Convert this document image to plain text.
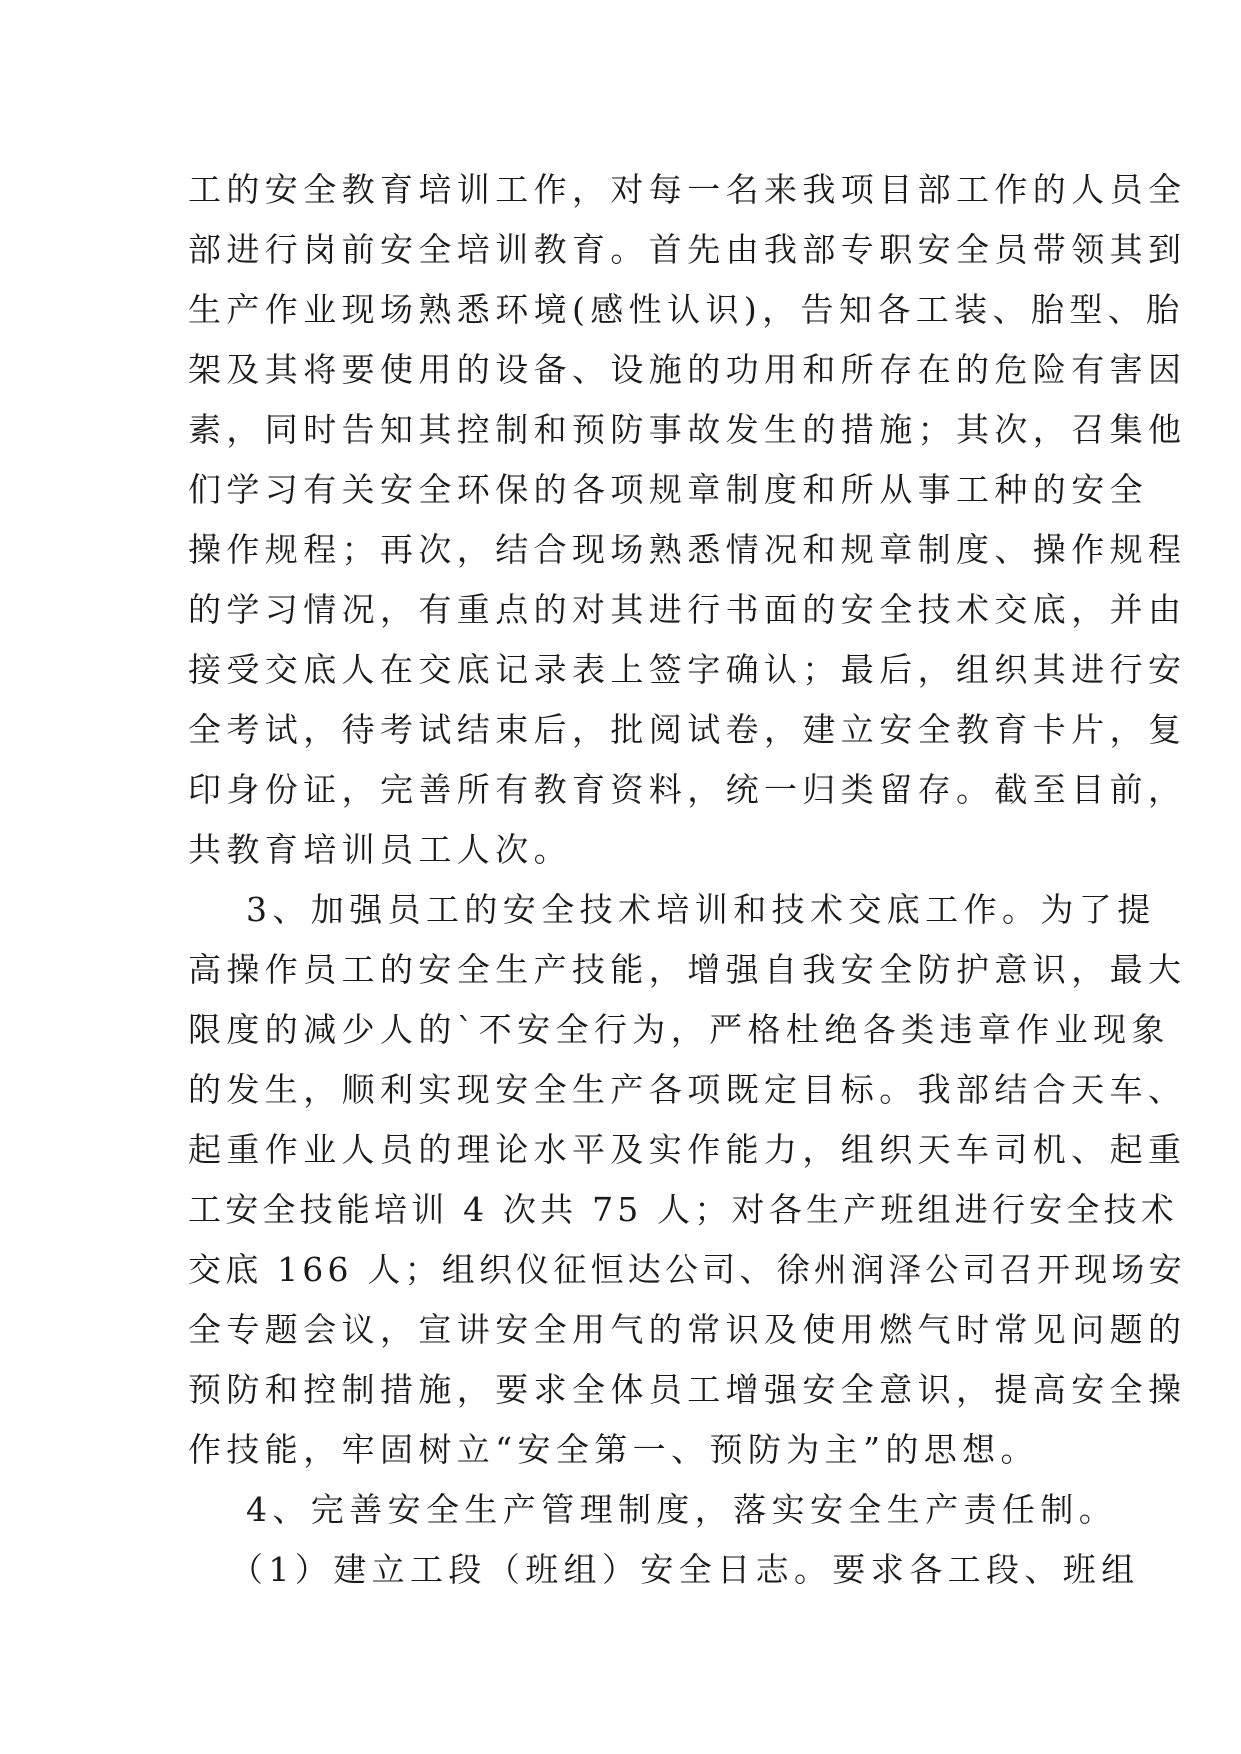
工的安全教育培训工作，对每一名来我项目部工作的人员全
部进行岗前安全培训教育。首先由我部专职安全员带领其到
生产作业现场熟悉环境(感性认识)，告知各工装、胎型、胎
架及其将要使用的设备、设施的功用和所存在的危险有害因
素，同时告知其控制和预防事故发生的措施；其次，召集他
们学习有关安全环保的各项规章制度和所从事工种的安全
操作规程；再次，结合现场熟悉情况和规章制度、操作规程
的学习情况，有重点的对其进行书面的安全技术交底，并由
接受交底人在交底记录表上签字确认；最后，组织其进行安
全考试，待考试结束后，批阅试卷，建立安全教育卡片，复
印身份证，完善所有教育资料，统一归类留存。截至目前，
共教育培训员工人次。
3、加强员工的安全技术培训和技术交底工作。为了提
高操作员工的安全生产技能，增强自我安全防护意识，最大
限度的减少人的`不安全行为，严格杜绝各类违章作业现象
的发生，顺利实现安全生产各项既定目标。我部结合天车、
起重作业人员的理论水平及实作能力，组织天车司机、起重
工安全技能培训 4 次共 75 人；对各生产班组进行安全技术
交底 166 人；组织仪征恒达公司、徐州润泽公司召开现场安
全专题会议，宣讲安全用气的常识及使用燃气时常见问题的
预防和控制措施，要求全体员工增强安全意识，提高安全操
作技能，牢固树立“安全第一、预防为主”的思想。
4、完善安全生产管理制度，落实安全生产责任制。
（1）建立工段（班组）安全日志。要求各工段、班组
